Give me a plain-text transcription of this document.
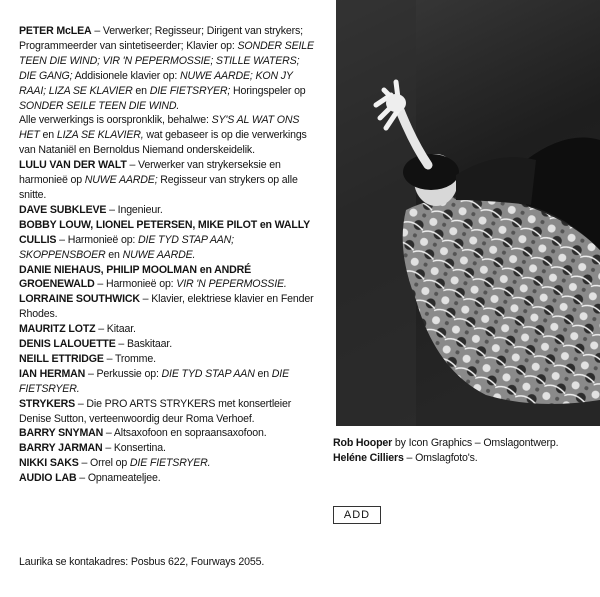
PETER McLEA – Verwerker; Regisseur; Dirigent van strykers; Programmeerder van sintetiseerder; Klavier op: SONDER SEILE TEEN DIE WIND; VIR 'N PEPERMOSSIE; STILLE WATERS; DIE GANG; Addisionele klavier op: NUWE AARDE; KON JY RAAI; LIZA SE KLAVIER en DIE FIETSRYER; Horingspeler op SONDER SEILE TEEN DIE WIND.

Alle verwerkings is oorspronklik, behalwe: SY'S AL WAT ONS HET en LIZA SE KLAVIER, wat gebaseer is op die verwerkings van Nataniël en Bernoldus Niemand onderskeidelik.

LULU VAN DER WALT – Verwerker van strykerseksie en harmonieë op NUWE AARDE; Regisseur van strykers op alle snitte.

DAVE SUBKLEVE – Ingenieur.

BOBBY LOUW, LIONEL PETERSEN, MIKE PILOT en WALLY CULLIS – Harmonieë op: DIE TYD STAP AAN; SKOPPENSBOER en NUWE AARDE.

DANIE NIEHAUS, PHILIP MOOLMAN en ANDRÉ GROENEWALD – Harmonieë op: VIR 'N PEPERMOSSIE.

LORRAINE SOUTHWICK – Klavier, elektriese klavier en Fender Rhodes.

MAURITZ LOTZ – Kitaar.

DENIS LALOUETTE – Baskitaar.

NEILL ETTRIDGE – Tromme.

IAN HERMAN – Perkussie op: DIE TYD STAP AAN en DIE FIETSRYER.

STRYKERS – Die PRO ARTS STRYKERS met konsertleier Denise Sutton, verteenwoordig deur Roma Verhoef.

BARRY SNYMAN – Altsaxofoon en sopraansaxofoon.

BARRY JARMAN – Konsertina.

NIKKI SAKS – Orrel op DIE FIETSRYER.

AUDIO LAB – Opnameateljee.

Laurika se kontakadres: Posbus 622, Fourways 2055.

Rob Hooper by Icon Graphics – Omslagontwerp.

Heléne Cilliers – Omslagfoto's.

ADD
